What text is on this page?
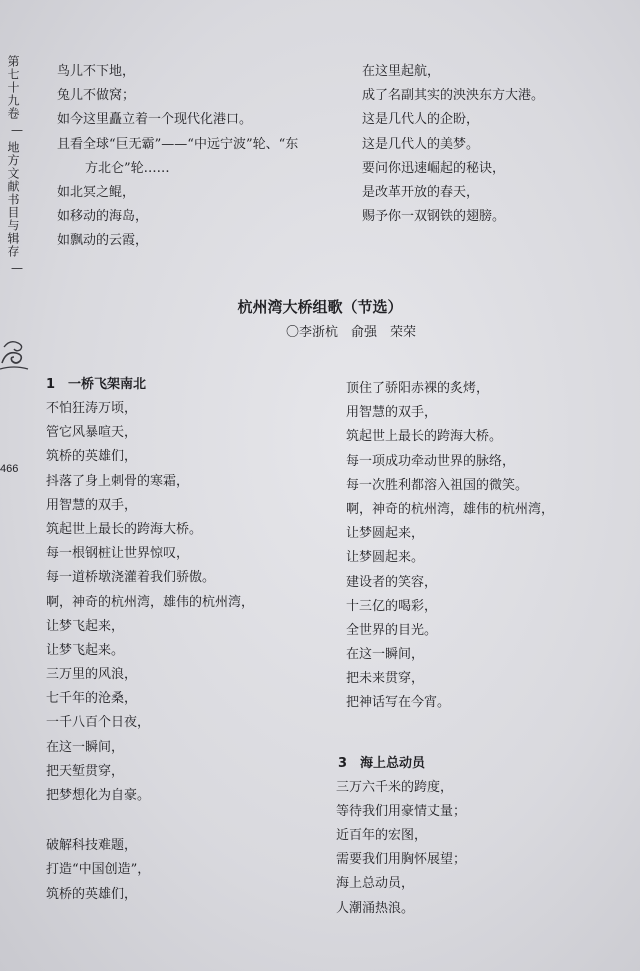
第七十九卷
—
地方文献书目与辑存
—
466
鸟儿不下地，
兔儿不做窝；
如今这里矗立着一个现代化港口。
且看全球“巨无霸”——“中远宁波”轮、“东
方北仑”轮……
如北冥之鲲，
如移动的海岛，
如飘动的云霞，
在这里起航，
成了名副其实的泱泱东方大港。
这是几代人的企盼，
这是几代人的美梦。
要问你迅速崛起的秘诀，
是改革开放的春天，
赐予你一双钢铁的翅膀。
杭州湾大桥组歌（节选）
〇李浙杭　俞强　荣荣
1　一桥飞架南北
不怕狂涛万顷，
管它风暴喧天，
筑桥的英雄们，
抖落了身上刺骨的寒霜，
用智慧的双手，
筑起世上最长的跨海大桥。
每一根钢桩让世界惊叹，
每一道桥墩浇灌着我们骄傲。
啊，神奇的杭州湾，雄伟的杭州湾，
让梦飞起来，
让梦飞起来。
三万里的风浪，
七千年的沧桑，
一千八百个日夜，
在这一瞬间，
把天堑贯穿，
把梦想化为自豪。
破解科技难题，
打造“中国创造”，
筑桥的英雄们，
顶住了骄阳赤裸的炙烤，
用智慧的双手，
筑起世上最长的跨海大桥。
每一项成功牵动世界的脉络，
每一次胜利都溶入祖国的微笑。
啊，神奇的杭州湾，雄伟的杭州湾，
让梦圆起来，
让梦圆起来。
建设者的笑容，
十三亿的喝彩，
全世界的目光。
在这一瞬间，
把未来贯穿，
把神话写在今宵。
3　海上总动员
三万六千米的跨度，
等待我们用豪情丈量；
近百年的宏图，
需要我们用胸怀展望；
海上总动员，
人潮涌热浪。
